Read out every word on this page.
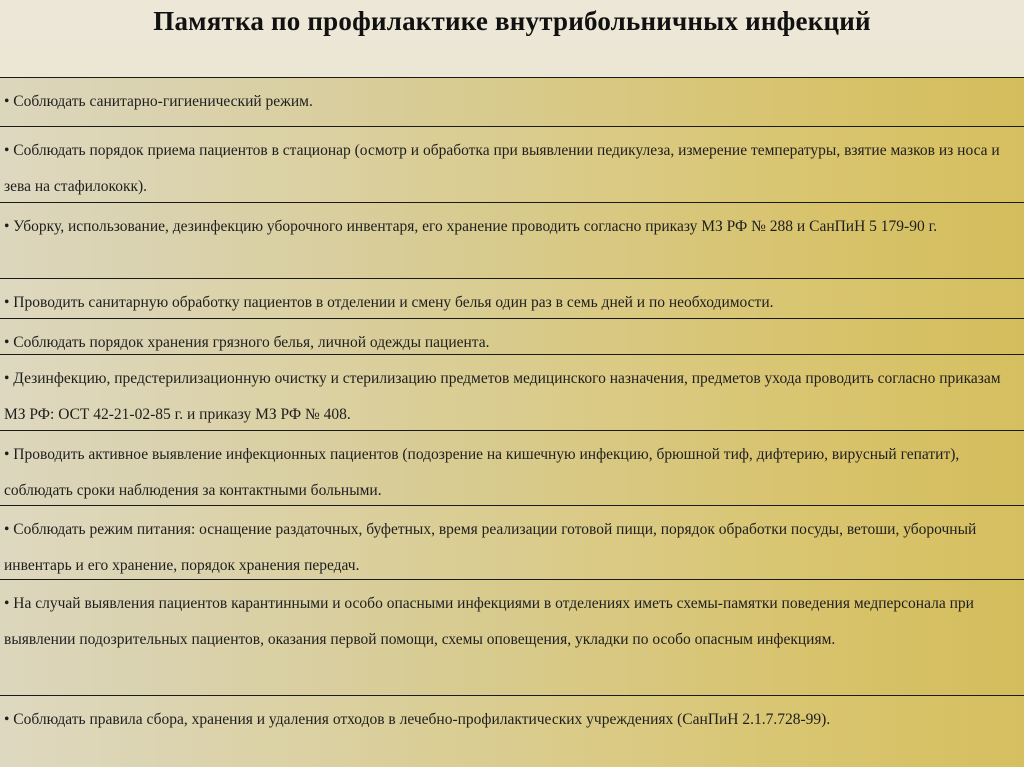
Памятка по профилактике внутрибольничных инфекций
• Соблюдать санитарно-гигиенический режим.
• Соблюдать порядок приема пациентов в стационар (осмотр и обработка при выявлении педикулеза, измерение температуры, взятие мазков из носа и зева на стафилококк).
• Уборку, использование, дезинфекцию уборочного инвентаря, его хранение проводить согласно приказу МЗ РФ № 288 и СанПиН 5 179-90 г.
• Проводить санитарную обработку пациентов в отделении и смену белья один раз в семь дней и по необходимости.
• Соблюдать порядок хранения грязного белья, личной одежды пациента.
• Дезинфекцию, предстерилизационную очистку и стерилизацию предметов медицинского назначения, предметов ухода проводить согласно приказам МЗ РФ: ОСТ 42-21-02-85 г. и приказу МЗ РФ № 408.
• Проводить активное выявление инфекционных пациентов (подозрение на кишечную инфекцию, брюшной тиф, дифтерию, вирусный гепатит), соблюдать сроки наблюдения за контактными больными.
• Соблюдать режим питания: оснащение раздаточных, буфетных, время реализации готовой пищи, порядок обработки посуды, ветоши, уборочный инвентарь и его хранение, порядок хранения передач.
• На случай выявления пациентов карантинными и особо опасными инфекциями в отделениях иметь схемы-памятки поведения медперсонала при выявлении подозрительных пациентов, оказания первой помощи, схемы оповещения, укладки по особо опасным инфекциям.
• Соблюдать правила сбора, хранения и удаления отходов в лечебно-профилактических учреждениях (СанПиН 2.1.7.728-99).
